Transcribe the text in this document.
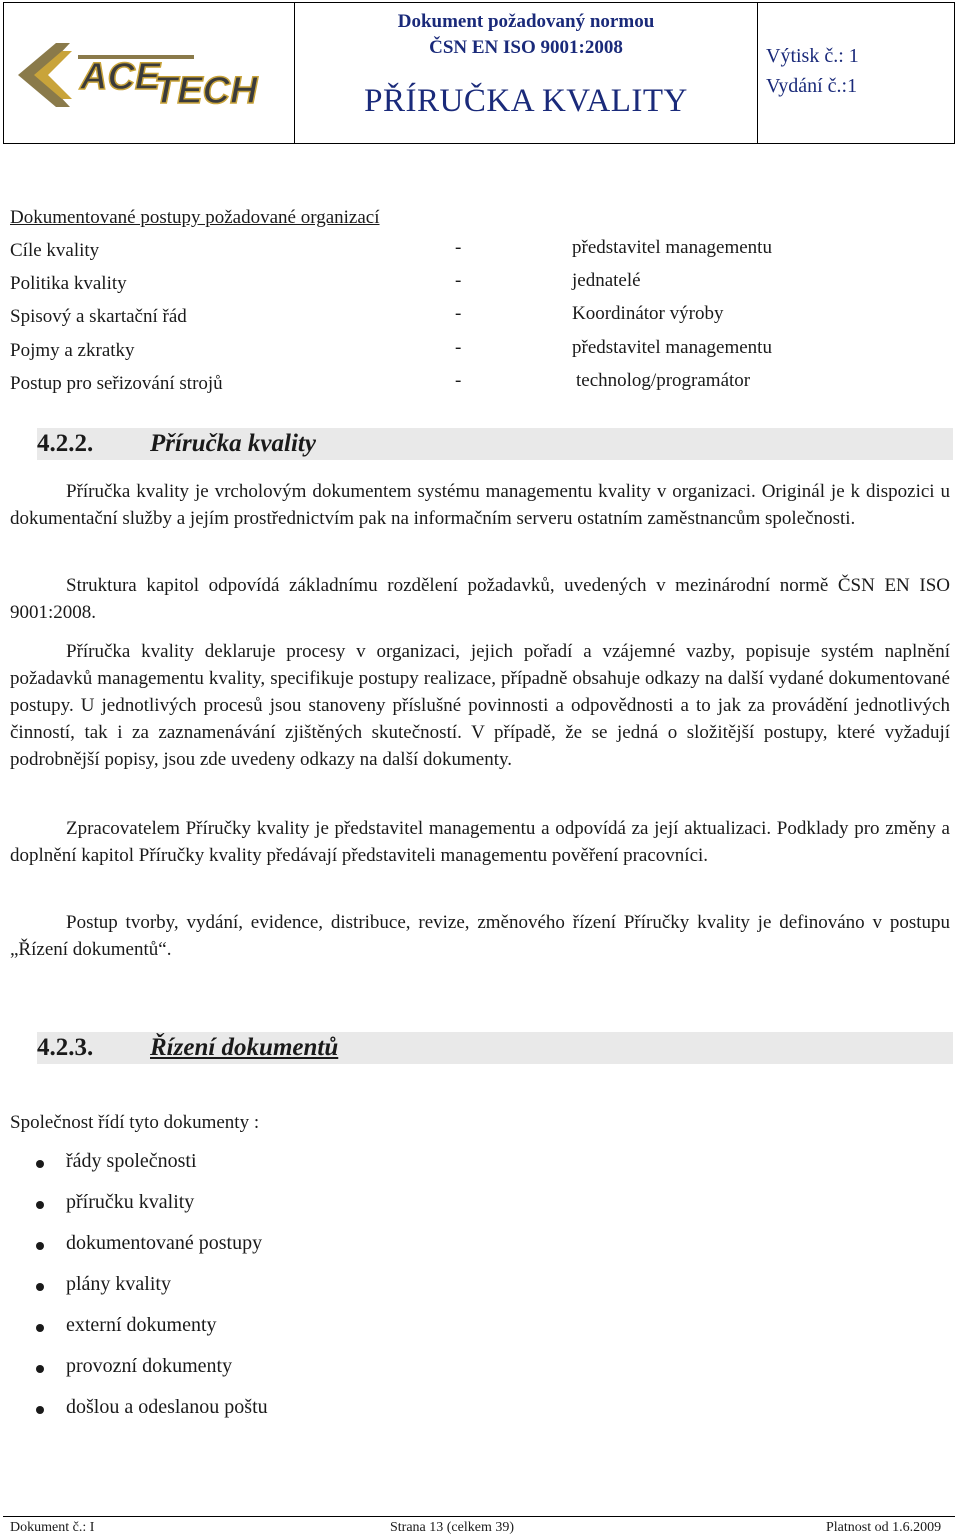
ACE
TECH
Dokument požadovaný normou
ČSN EN ISO 9001:2008
PŘÍRUČKA KVALITY
Výtisk č.: 1
Vydání č.:1
Dokumentované postupy požadované organizací
Cíle kvality	-	představitel managementu
Politika kvality	-	jednatelé
Spisový a skartační řád	-	Koordinátor výroby
Pojmy a zkratky	-	představitel managementu
Postup pro seřizování strojů	-	technolog/programátor
4.2.2. Příručka kvality
Příručka kvality je vrcholovým dokumentem systému managementu kvality v organizaci. Originál je k dispozici u dokumentační služby a jejím prostřednictvím pak na informačním serveru ostatním zaměstnancům společnosti.
Struktura kapitol odpovídá základnímu rozdělení požadavků, uvedených v mezinárodní normě ČSN EN ISO 9001:2008.
Příručka kvality deklaruje procesy v organizaci, jejich pořadí a vzájemné vazby, popisuje systém naplnění požadavků managementu kvality, specifikuje postupy realizace, případně obsahuje odkazy na další vydané dokumentované postupy. U jednotlivých procesů jsou stanoveny příslušné povinnosti a odpovědnosti a to jak za provádění jednotlivých činností, tak i za zaznamenávání zjištěných skutečností. V případě, že se jedná o složitější postupy, které vyžadují podrobnější popisy, jsou zde uvedeny odkazy na další dokumenty.
Zpracovatelem Příručky kvality je představitel managementu a odpovídá za její aktualizaci. Podklady pro změny a doplnění kapitol Příručky kvality předávají představiteli managementu pověření pracovníci.
Postup tvorby, vydání, evidence, distribuce, revize, změnového řízení Příručky kvality je definováno v postupu „Řízení dokumentů“.
4.2.3. Řízení dokumentů
Společnost řídí tyto dokumenty :
řády společnosti
příručku kvality
dokumentované postupy
plány kvality
externí dokumenty
provozní dokumenty
došlou a odeslanou poštu
Dokument č.: I	Strana 13 (celkem 39)	Platnost od 1.6.2009
